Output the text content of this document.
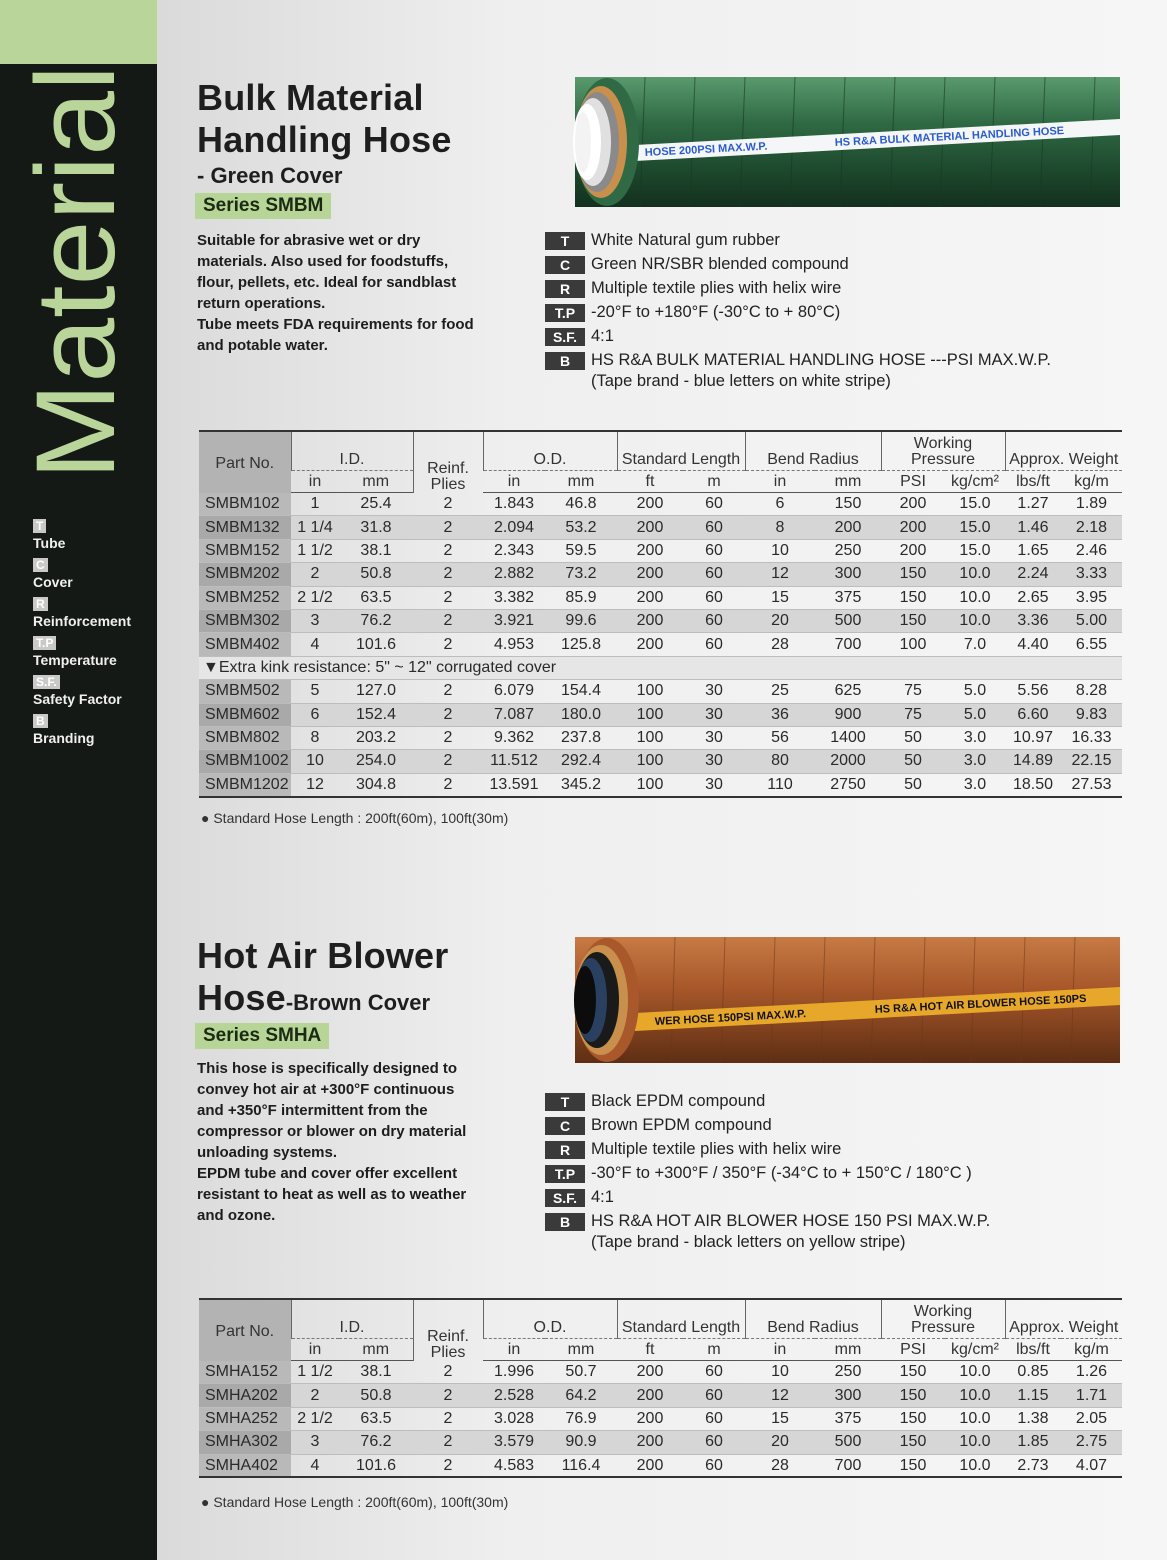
Material
T
Tube
C
Cover
R
Reinforcement
T.P
Temperature
S.F.
Safety Factor
B
Branding
Bulk Material
Handling Hose
- Green Cover
Series SMBM
Suitable for abrasive wet or dry
materials. Also used for foodstuffs,
flour, pellets, etc. Ideal for sandblast
return operations.
Tube meets FDA requirements for food
and potable water.
HOSE 200PSI MAX.W.P.
HS R&A BULK MATERIAL HANDLING HOSE
T	White Natural gum rubber
C	Green NR/SBR blended compound
R	Multiple textile plies with helix wire
T.P -20°F to +180°F (-30°C to + 80°C)
S.F. 4:1
B	HS R&A BULK MATERIAL HANDLING HOSE ---PSI MAX.W.P.
(Tape brand - blue letters on white stripe)
Part No.	I.D.		Reinf. Plies	O.D.		Standard Length		Bend Radius		Working Pressure		Approx. Weight	
	in	mm		in	mm	ft	m	in	mm	PSI	kg/cm²	lbs/ft	kg/m
SMBM102	1	25.4	2	1.843	46.8	200	60	6	150	200	15.0	1.27	1.89
SMBM132	1 1/4	31.8	2	2.094	53.2	200	60	8	200	200	15.0	1.46	2.18
SMBM152	1 1/2	38.1	2	2.343	59.5	200	60	10	250	200	15.0	1.65	2.46
SMBM202	2	50.8	2	2.882	73.2	200	60	12	300	150	10.0	2.24	3.33
SMBM252	2 1/2	63.5	2	3.382	85.9	200	60	15	375	150	10.0	2.65	3.95
SMBM302	3	76.2	2	3.921	99.6	200	60	20	500	150	10.0	3.36	5.00
SMBM402	4	101.6	2	4.953	125.8	200	60	28	700	100	7.0	4.40	6.55
▼Extra kink resistance: 5" ~ 12" corrugated cover													
SMBM502	5	127.0	2	6.079	154.4	100	30	25	625	75	5.0	5.56	8.28
SMBM602	6	152.4	2	7.087	180.0	100	30	36	900	75	5.0	6.60	9.83
SMBM802	8	203.2	2	9.362	237.8	100	30	56	1400	50	3.0	10.97	16.33
SMBM1002	10	254.0	2	11.512	292.4	100	30	80	2000	50	3.0	14.89	22.15
SMBM1202	12	304.8	2	13.591	345.2	100	30	110	2750	50	3.0	18.50	27.53
● Standard Hose Length : 200ft(60m), 100ft(30m)
Hot Air Blower
Hose-Brown Cover
Series SMHA
This hose is specifically designed to
convey hot air at +300°F continuous
and +350°F intermittent from the
compressor or blower on dry material
unloading systems.
EPDM tube and cover offer excellent
resistant to heat as well as to weather
and ozone.
WER HOSE 150PSI MAX.W.P.
HS R&A HOT AIR BLOWER HOSE 150PS
T	Black EPDM compound
C	Brown EPDM compound
R	Multiple textile plies with helix wire
T.P -30°F to +300°F / 350°F (-34°C to + 150°C / 180°C )
S.F. 4:1
B	HS R&A HOT AIR BLOWER HOSE 150 PSI MAX.W.P.
(Tape brand - black letters on yellow stripe)
Part No.	I.D.		Reinf. Plies	O.D.		Standard Length		Bend Radius		Working Pressure		Approx. Weight	
	in	mm		in	mm	ft	m	in	mm	PSI	kg/cm²	lbs/ft	kg/m
SMHA152	1 1/2	38.1	2	1.996	50.7	200	60	10	250	150	10.0	0.85	1.26
SMHA202	2	50.8	2	2.528	64.2	200	60	12	300	150	10.0	1.15	1.71
SMHA252	2 1/2	63.5	2	3.028	76.9	200	60	15	375	150	10.0	1.38	2.05
SMHA302	3	76.2	2	3.579	90.9	200	60	20	500	150	10.0	1.85	2.75
SMHA402	4	101.6	2	4.583	116.4	200	60	28	700	150	10.0	2.73	4.07
● Standard Hose Length : 200ft(60m), 100ft(30m)
